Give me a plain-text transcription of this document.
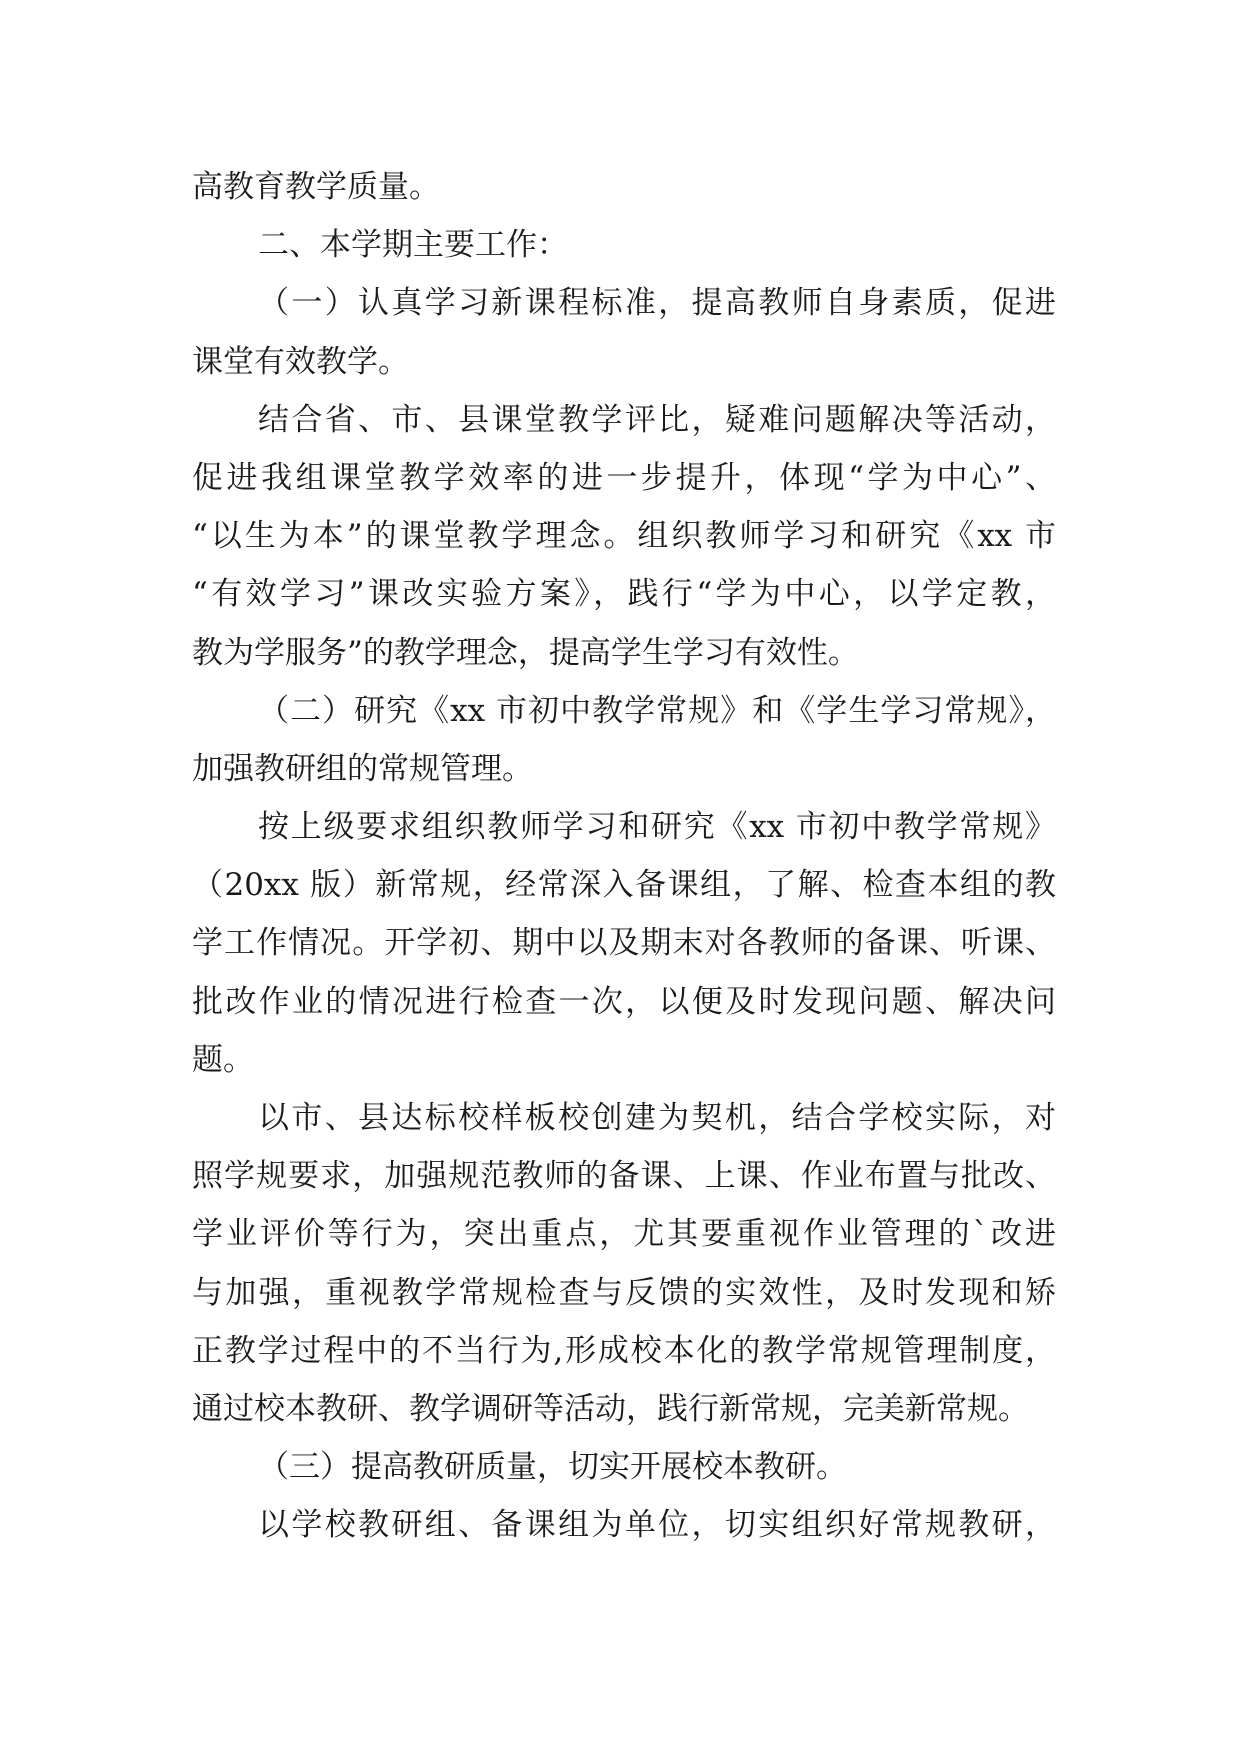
高教育教学质量。
二、本学期主要工作：
（一）认真学习新课程标准，提高教师自身素质，促进
课堂有效教学。
结合省、市、县课堂教学评比，疑难问题解决等活动，
促进我组课堂教学效率的进一步提升，体现“学为中心”、
“以生为本”的课堂教学理念。组织教师学习和研究《xx 市
“有效学习”课改实验方案》，践行“学为中心，以学定教，
教为学服务”的教学理念，提高学生学习有效性。
（二）研究《xx 市初中教学常规》和《学生学习常规》，
加强教研组的常规管理。
按上级要求组织教师学习和研究《xx 市初中教学常规》
（20xx 版）新常规，经常深入备课组，了解、检查本组的教
学工作情况。开学初、期中以及期末对各教师的备课、听课、
批改作业的情况进行检查一次，以便及时发现问题、解决问
题。
以市、县达标校样板校创建为契机，结合学校实际，对
照学规要求，加强规范教师的备课、上课、作业布置与批改、
学业评价等行为，突出重点，尤其要重视作业管理的`改进
与加强，重视教学常规检查与反馈的实效性，及时发现和矫
正教学过程中的不当行为,形成校本化的教学常规管理制度，
通过校本教研、教学调研等活动，践行新常规，完美新常规。
（三）提高教研质量，切实开展校本教研。
以学校教研组、备课组为单位，切实组织好常规教研，
